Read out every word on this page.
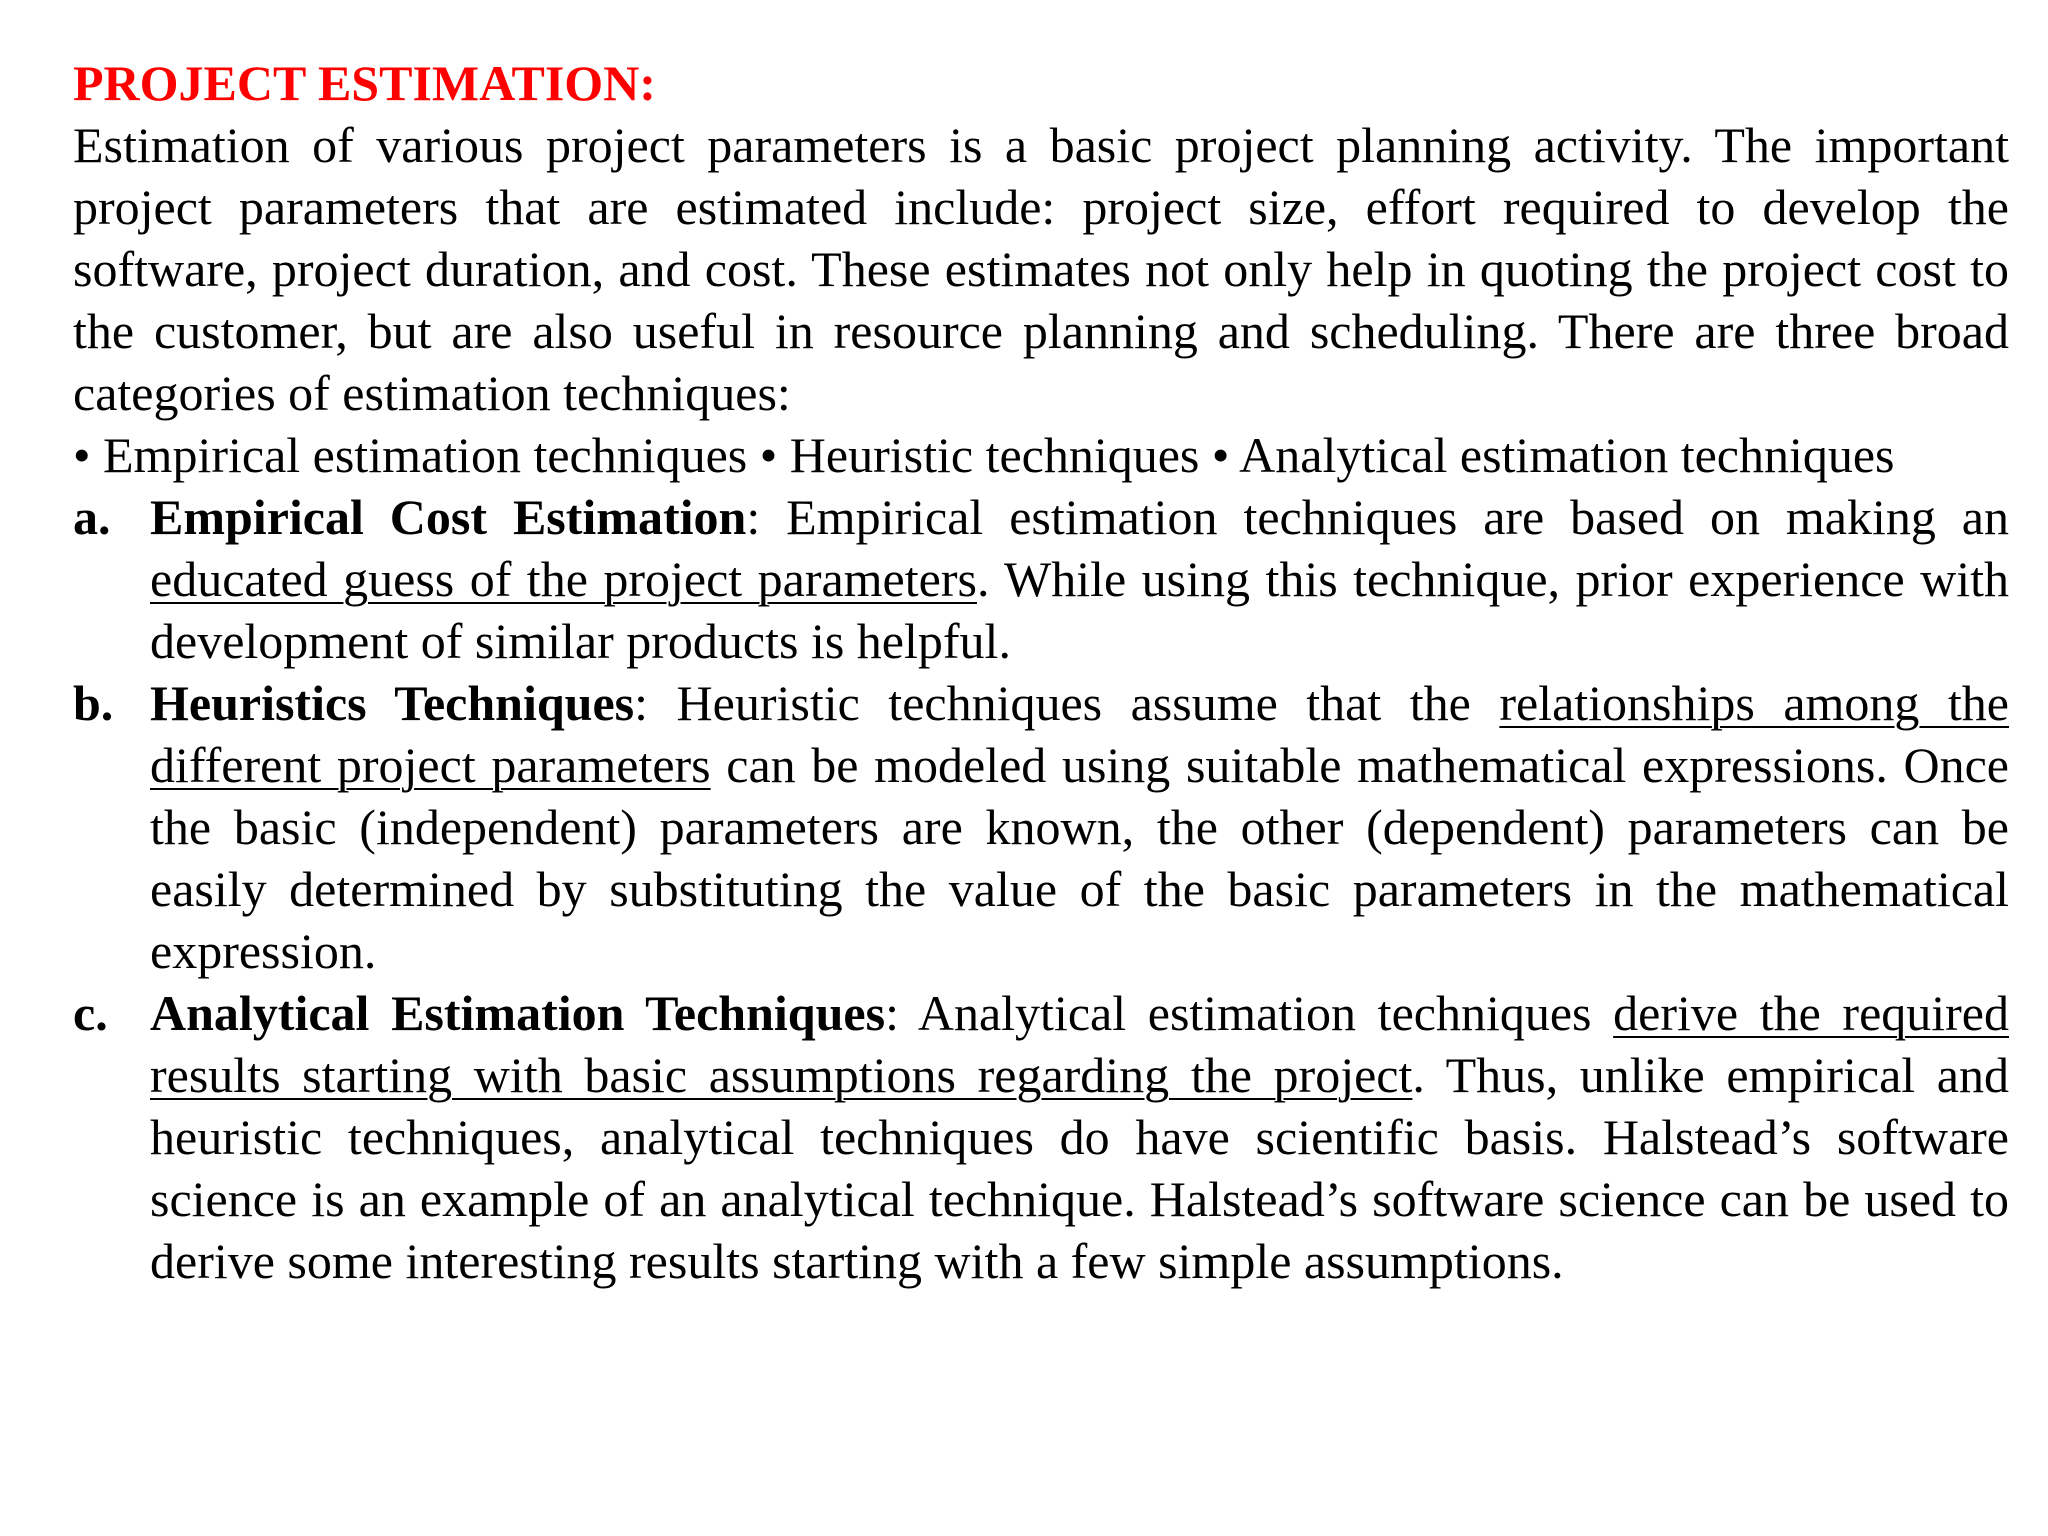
PROJECT ESTIMATION:

Estimation of various project parameters is a basic project planning activity. The important project parameters that are estimated include: project size, effort required to develop the software, project duration, and cost. These estimates not only help in quoting the project cost to the customer, but are also useful in resource planning and scheduling. There are three broad categories of estimation techniques:

• Empirical estimation techniques • Heuristic techniques • Analytical estimation techniques

a. Empirical Cost Estimation: Empirical estimation techniques are based on making an educated guess of the project parameters. While using this technique, prior experience with development of similar products is helpful.
b. Heuristics Techniques: Heuristic techniques assume that the relationships among the different project parameters can be modeled using suitable mathematical expressions. Once the basic (independent) parameters are known, the other (dependent) parameters can be easily determined by substituting the value of the basic parameters in the mathematical expression.
c. Analytical Estimation Techniques: Analytical estimation techniques derive the required results starting with basic assumptions regarding the project. Thus, unlike empirical and heuristic techniques, analytical techniques do have scientific basis. Halstead’s software science is an example of an analytical technique. Halstead’s software science can be used to derive some interesting results starting with a few simple assumptions.
